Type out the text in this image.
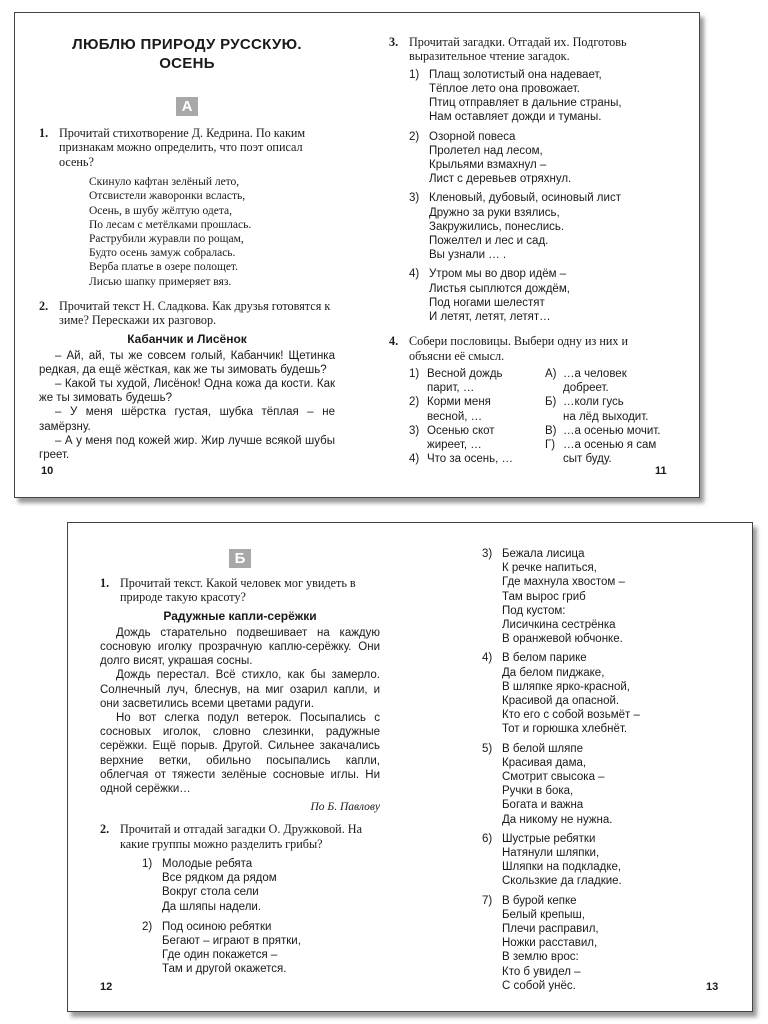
ЛЮБЛЮ ПРИРОДУ РУССКУЮ.
ОСЕНЬ
А
1. Прочитай стихотворение Д. Кедрина. По каким признакам можно определить, что поэт описал осень?
Скинуло кафтан зелёный лето,
Отсвистели жаворонки всласть,
Осень, в шубу жёлтую одета,
По лесам с метёлками прошлась.
Раструбили журавли по рощам,
Будто осень замуж собралась.
Верба платье в озере полощет.
Лисью шапку примеряет вяз.
2. Прочитай текст Н. Сладкова. Как друзья готовятся к зиме? Перескажи их разговор.
Кабанчик и Лисёнок

– Ай, ай, ты же совсем голый, Кабанчик! Щетинка редкая, да ещё жёсткая, как же ты зимовать будешь?

– Какой ты худой, Лисёнок! Одна кожа да кости. Как же ты зимовать будешь?

– У меня шёрстка густая, шубка тёплая – не замёрзну.

– А у меня под кожей жир. Жир лучше всякой шубы греет.

10
3. Прочитай загадки. Отгадай их. Подготовь выразительное чтение загадок.
1) Плащ золотистый она надевает,
Тёплое лето она провожает.
Птиц отправляет в дальние страны,
Нам оставляет дожди и туманы.
2) Озорной повеса
Пролетел над лесом,
Крыльями взмахнул –
Лист с деревьев отряхнул.
3) Кленовый, дубовый, осиновый лист
Дружно за руки взялись,
Закружились, понеслись.
Пожелтел и лес и сад.
Вы узнали … .
4) Утром мы во двор идём –
Листья сыплются дождём,
Под ногами шелестят
И летят, летят, летят…
4. Собери пословицы. Выбери одну из них и объясни её смысл.
1) Весной дождь
парит, …
2) Корми меня
весной, …
3) Осенью скот
жиреет, …
4) Что за осень, …
А) …а человек
добреет.
Б) …коли гусь
на лёд выходит.
В) …а осенью мочит.
Г) …а осенью я сам
сыт буду.
11
Б
1. Прочитай текст. Какой человек мог увидеть в природе такую красоту?
Радужные капли-серёжки

Дождь старательно подвешивает на каждую сосновую иголку прозрачную каплю-серёжку. Они долго висят, украшая сосны.

Дождь перестал. Всё стихло, как бы замерло. Солнечный луч, блеснув, на миг озарил капли, и они засветились всеми цветами радуги.

Но вот слегка подул ветерок. Посыпались с сосновых иголок, словно слезинки, радужные серёжки. Ещё порыв. Другой. Сильнее закачались верхние ветки, обильно посыпались капли, облегчая от тяжести зелёные сосновые иглы. Ни одной серёжки…

По Б. Павлову
2. Прочитай и отгадай загадки О. Дружковой. На какие группы можно разделить грибы?
1) Молодые ребята
Все рядком да рядом
Вокруг стола сели
Да шляпы надели.
2) Под осиною ребятки
Бегают – играют в прятки,
Где один покажется –
Там и другой окажется.
12
3) Бежала лисица
К речке напиться,
Где махнула хвостом –
Там вырос гриб
Под кустом:
Лисичкина сестрёнка
В оранжевой юбчонке.
4) В белом парике
Да белом пиджаке,
В шляпке ярко-красной,
Красивой да опасной.
Кто его с собой возьмёт –
Тот и горюшка хлебнёт.
5) В белой шляпе
Красивая дама,
Смотрит свысока –
Ручки в бока,
Богата и важна
Да никому не нужна.
6) Шустрые ребятки
Натянули шляпки,
Шляпки на подкладке,
Скользкие да гладкие.
7) В бурой кепке
Белый крепыш,
Плечи расправил,
Ножки расставил,
В землю врос:
Кто б увидел –
С собой унёс.	13
